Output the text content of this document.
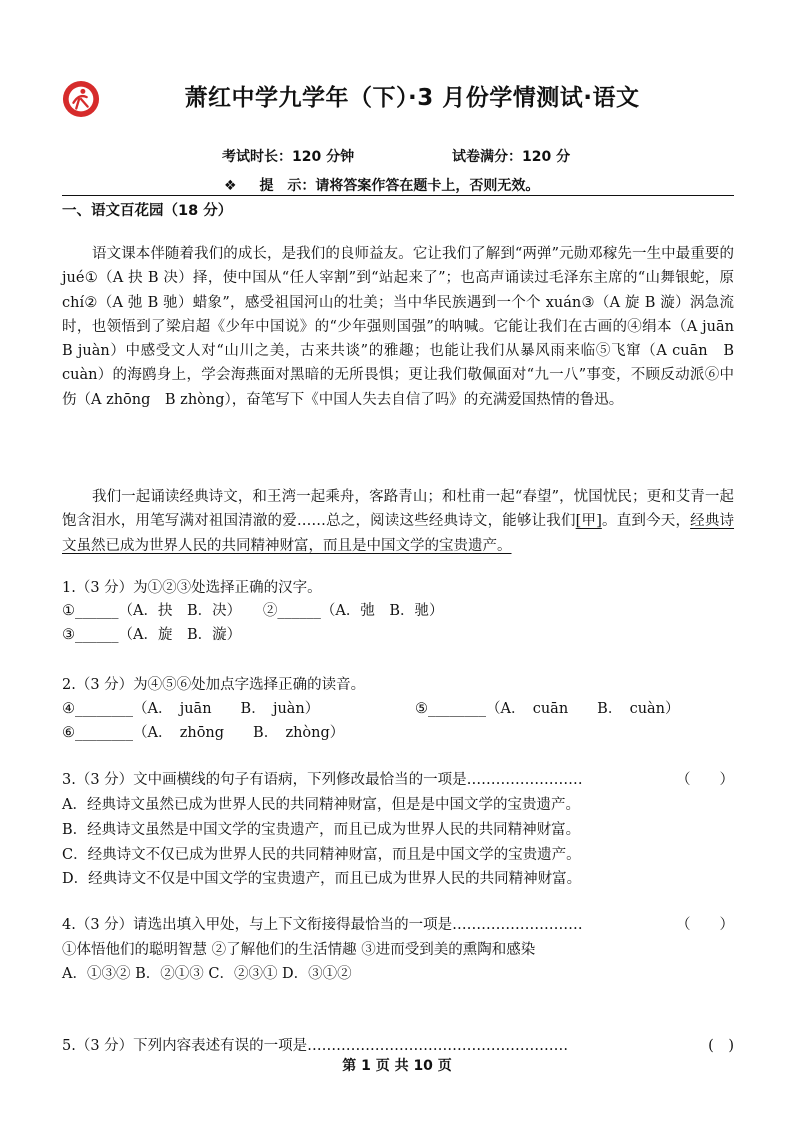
萧红中学九学年（下）·3 月份学情测试·语文
考试时长：120 分钟	试卷满分：120 分
❖ 提　示：请将答案作答在题卡上，否则无效。
一、语文百花园（18 分）

语文课本伴随着我们的成长，是我们的良师益友。它让我们了解到“两弹”元勋邓稼先一生中最重要的 jué①（A 抉 B 决）择，使中国从“任人宰割”到“站起来了”；也高声诵读过毛泽东主席的“山舞银蛇，原 chí②（A 弛 B 驰）蜡象”，感受祖国河山的壮美；当中华民族遇到一个个 xuán③（A 旋 B 漩）涡急流时，也领悟到了梁启超《少年中国说》的“少年强则国强”的呐喊。它能让我们在古画的④绢本（A juān　B juàn）中感受文人对“山川之美，古来共谈”的雅趣；也能让我们从暴风雨来临⑤飞窜（A cuān　B cuàn）的海鸥身上，学会海燕面对黑暗的无所畏惧；更让我们敬佩面对“九一八”事变，不顾反动派⑥中伤（A zhōng　B zhòng），奋笔写下《中国人失去自信了吗》的充满爱国热情的鲁迅。

我们一起诵读经典诗文，和王湾一起乘舟，客路青山；和杜甫一起“春望”，忧国忧民；更和艾青一起饱含泪水，用笔写满对祖国清澈的爱……总之，阅读这些经典诗文，能够让我们[甲]。直到今天，经典诗文虽然已成为世界人民的共同精神财富，而且是中国文学的宝贵遗产。

1.（3 分）为①②③处选择正确的汉字。
①______（A．抉　B．决）　　②______（A．弛　B．驰）
③______（A．旋　B．漩）
2.（3 分）为④⑤⑥处加点字选择正确的读音。
④________（A．　juān　　B．　juàn）	⑤________（A．　cuān　　B．　cuàn）
⑥________（A．　zhōng　　B．　zhòng）
3.（3 分）文中画横线的句子有语病，下列修改最恰当的一项是……………………	（　　）
A．经典诗文虽然已成为世界人民的共同精神财富，但是是中国文学的宝贵遗产。
B．经典诗文虽然是中国文学的宝贵遗产，而且已成为世界人民的共同精神财富。
C．经典诗文不仅已成为世界人民的共同精神财富，而且是中国文学的宝贵遗产。
D．经典诗文不仅是中国文学的宝贵遗产，而且已成为世界人民的共同精神财富。
4.（3 分）请选出填入甲处，与上下文衔接得最恰当的一项是………………………	（　　）
①体悟他们的聪明智慧 ②了解他们的生活情趣 ③进而受到美的熏陶和感染
A．①③② B．②①③ C．②③① D．③①②
5.（3 分）下列内容表述有误的一项是………………………………………………	(　)
第 1 页 共 10 页
